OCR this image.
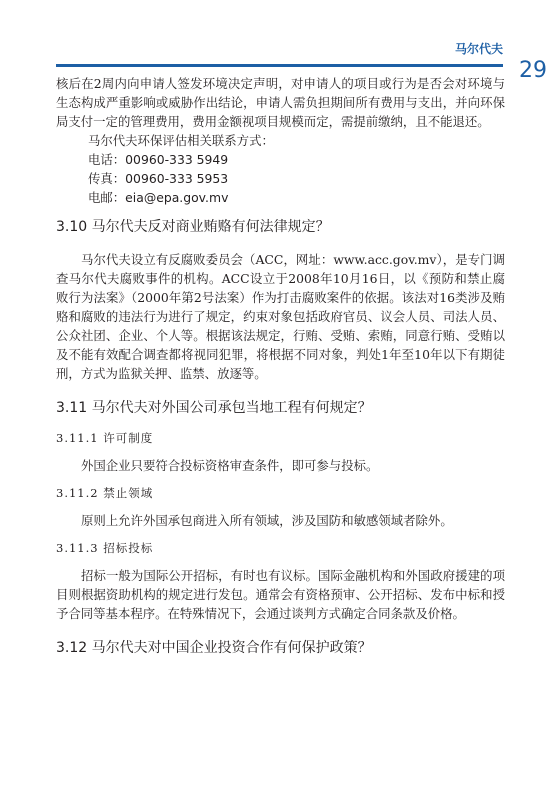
马尔代夫
29

核后在2周内向申请人签发环境决定声明，对申请人的项目或行为是否会对环境与生态构成严重影响或威胁作出结论，申请人需负担期间所有费用与支出，并向环保局支付一定的管理费用，费用金额视项目规模而定，需提前缴纳，且不能退还。

马尔代夫环保评估相关联系方式：
电话：00960-333 5949
传真：00960-333 5953
电邮：eia@epa.gov.mv
3.10 马尔代夫反对商业贿赂有何法律规定？

马尔代夫设立有反腐败委员会（ACC，网址：www.acc.gov.mv），是专门调查马尔代夫腐败事件的机构。ACC设立于2008年10月16日，以《预防和禁止腐败行为法案》（2000年第2号法案）作为打击腐败案件的依据。该法对16类涉及贿赂和腐败的违法行为进行了规定，约束对象包括政府官员、议会人员、司法人员、公众社团、企业、个人等。根据该法规定，行贿、受贿、索贿，同意行贿、受贿以及不能有效配合调查都将视同犯罪，将根据不同对象，判处1年至10年以下有期徒刑，方式为监狱关押、监禁、放逐等。

3.11 马尔代夫对外国公司承包当地工程有何规定？
3.11.1 许可制度

外国企业只要符合投标资格审查条件，即可参与投标。

3.11.2 禁止领域

原则上允许外国承包商进入所有领域，涉及国防和敏感领域者除外。

3.11.3 招标投标

招标一般为国际公开招标，有时也有议标。国际金融机构和外国政府援建的项目则根据资助机构的规定进行发包。通常会有资格预审、公开招标、发布中标和授予合同等基本程序。在特殊情况下，会通过谈判方式确定合同条款及价格。

3.12 马尔代夫对中国企业投资合作有何保护政策？
